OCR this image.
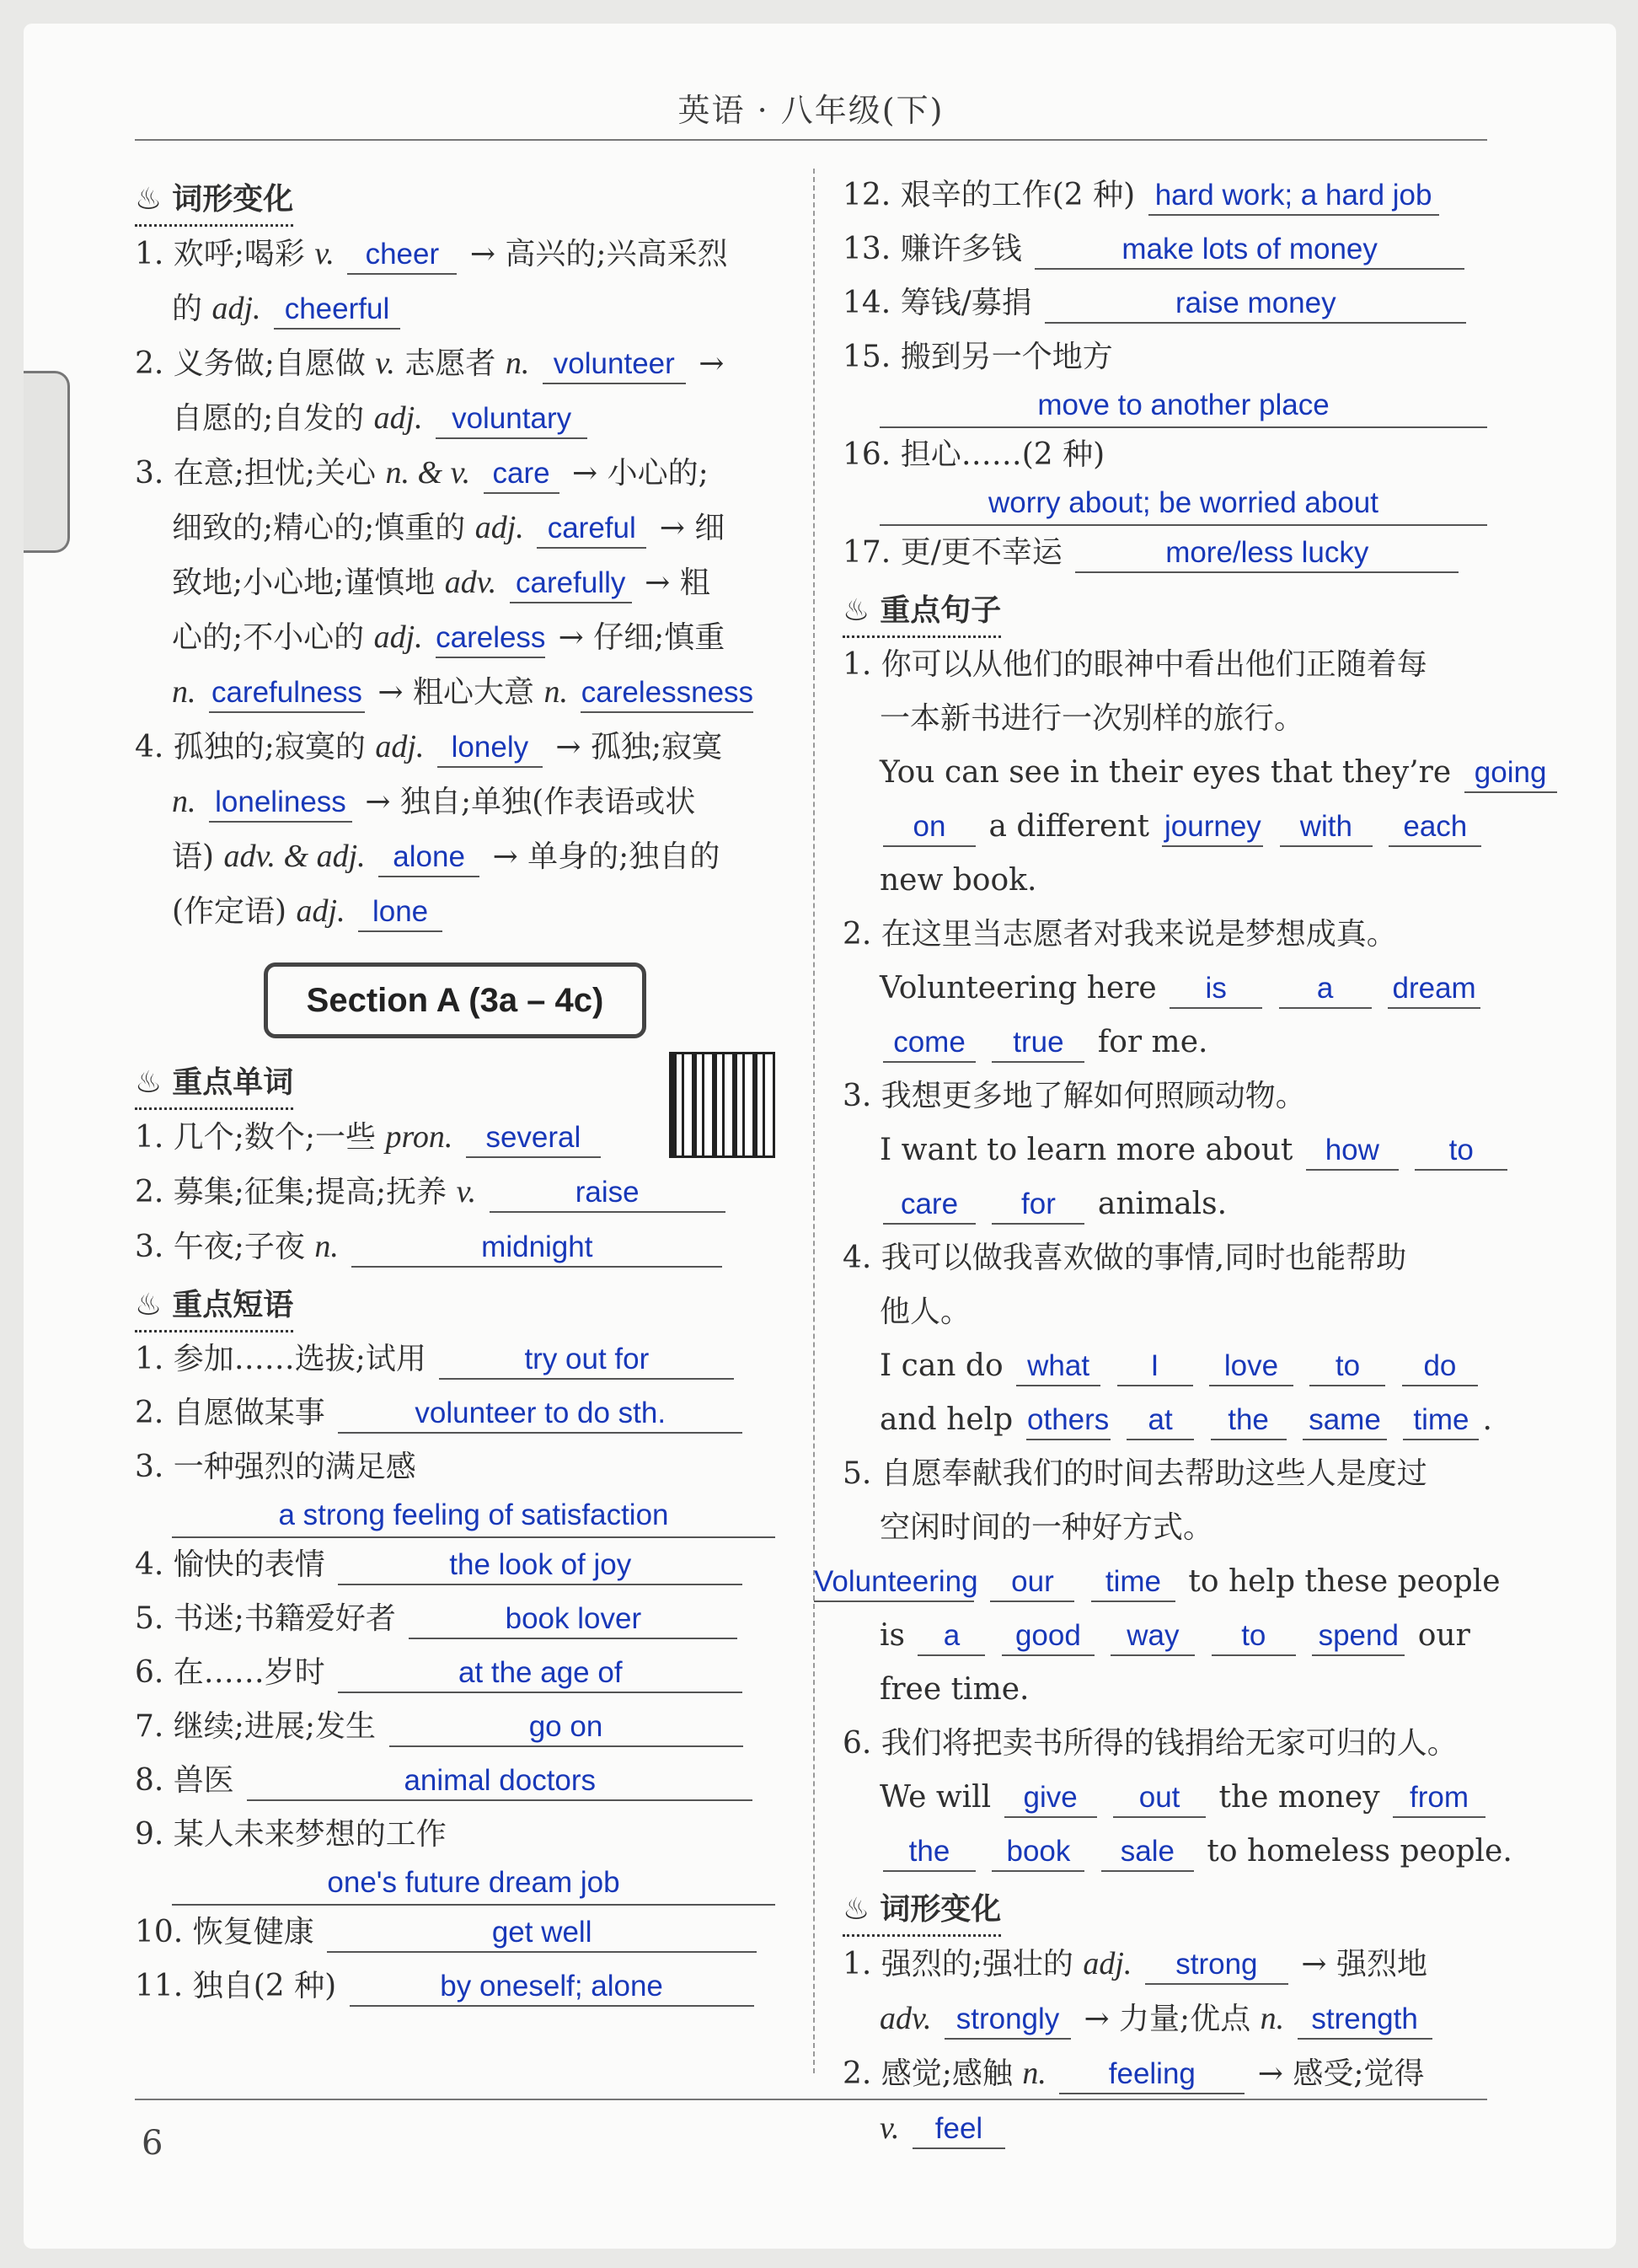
英语 · 八年级(下)
♨ 词形变化
1. 欢呼;喝彩 v. cheer → 高兴的;兴高采烈
的 adj. cheerful
2. 义务做;自愿做 v. 志愿者 n. volunteer →
自愿的;自发的 adj. voluntary
3. 在意;担忧;关心 n. & v. care → 小心的;
细致的;精心的;慎重的 adj. careful → 细
致地;小心地;谨慎地 adv. carefully → 粗
心的;不小心的 adj. careless → 仔细;慎重
n. carefulness → 粗心大意 n. carelessness
4. 孤独的;寂寞的 adj. lonely → 孤独;寂寞
n. loneliness → 独自;单独(作表语或状
语) adv. & adj. alone → 单身的;独自的
(作定语) adj. lone
Section A (3a – 4c)
♨ 重点单词
1. 几个;数个;一些 pron. several
2. 募集;征集;提高;抚养 v.	raise
3. 午夜;子夜 n.	midnight
♨ 重点短语
1. 参加……选拔;试用	try out for
2. 自愿做某事	volunteer to do sth.
3. 一种强烈的满足感
a strong feeling of satisfaction
4. 愉快的表情	the look of joy
5. 书迷;书籍爱好者	book lover
6. 在……岁时	at the age of
7. 继续;进展;发生	go on
8. 兽医	animal doctors
9. 某人未来梦想的工作
one's future dream job
10. 恢复健康	get well
11. 独自(2 种)	by oneself; alone
12. 艰辛的工作(2 种) hard work; a hard job
13. 赚许多钱	make lots of money
14. 筹钱/募捐	raise money
15. 搬到另一个地方
move to another place
16. 担心……(2 种)
worry about; be worried about
17. 更/更不幸运	more/less lucky
♨ 重点句子
1. 你可以从他们的眼神中看出他们正随着每
一本新书进行一次别样的旅行。
You can see in their eyes that they’re going
on a different journey with each
new book.
2. 在这里当志愿者对我来说是梦想成真。
Volunteering here is	a dream
come true for me.
3. 我想更多地了解如何照顾动物。
I want to learn more about how to
care for animals.
4. 我可以做我喜欢做的事情,同时也能帮助
他人。
I can do what I love to do
and help others at the same time .
5. 自愿奉献我们的时间去帮助这些人是度过
空闲时间的一种好方式。
Volunteering our time to help these people
is a good way to spend our
free time.
6. 我们将把卖书所得的钱捐给无家可归的人。
We will give out the money from
the book sale to homeless people.
♨ 词形变化
1. 强烈的;强壮的 adj. strong → 强烈地
adv. strongly → 力量;优点 n. strength
2. 感觉;感触 n. feeling → 感受;觉得
v. feel
6
